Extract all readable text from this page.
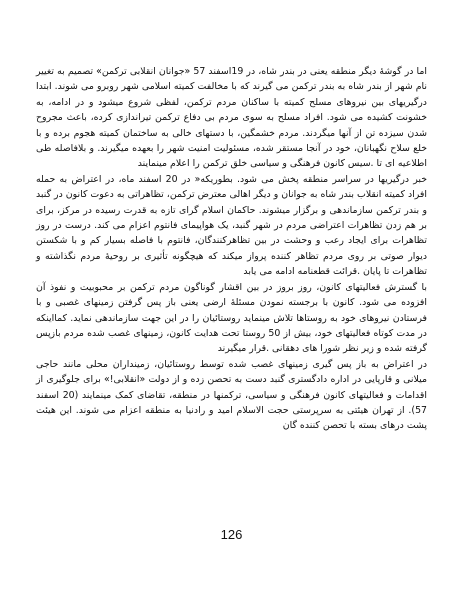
اما در گوشۀ دیگر منطقه یعنی در بندر شاه، در 19اسفند 57 «جوانان انقلابی ترکمن» تصمیم به تغییر نام شهر از بندر شاه به بندر ترکمن می گیرند که با مخالفت کمیته اسلامی شهر روبرو می شوند. ابتدا درگیریهای بین نیروهای مسلح کمیته با ساکنان مردم ترکمن، لفظی شروع میشود و در ادامه، به خشونت کشیده می شود. افراد مسلح به سوی مردم بی دفاع ترکمن تیراندازی کرده، باعث مجروح شدن سیزده تن از آنها میگردند. مردم خشمگین، با دستهای خالی به ساختمان کمیته هجوم برده و با خلع سلاح نگهبانان، خود در آنجا مستقر شده، مسئولیت امنیت شهر را بعهده میگیرند. و بلافاصله طی اطلاعیه ای تا .سیس کانون فرهنگی و سیاسی خلق ترکمن را اعلام مینمایند

خبر درگیریها در سراسر منطقه پخش می شود. بطوریکه« در 20 اسفند ماه، در اعتراض به حمله افراد کمیته انقلاب بندر شاه به جوانان و دیگر اهالی معترض ترکمن، تظاهراتی به دعوت کانون در گنبد و بندر ترکمن سازماندهی و برگزار میشوند. حاکمان اسلام گرای تازه به قدرت رسیده در مرکز، برای بر هم زدن تظاهرات اعتراضی مردم در شهر گنبد، یک هواپیمای فانتوم اعزام می کند. درست در روز تظاهرات برای ایجاد رعب و وحشت در بین تظاهرکنندگان، فانتوم با فاصله بسیار کم و با شکستن دیوار صوتی بر روی مردم تظاهر کننده پرواز میکند که هیچگونه تأثیری بر روحیۀ مردم نگذاشته و تظاهرات تا پایان .قرائت قطعنامه ادامه می یابد

با گسترش فعالیتهای کانون، روز بروز در بین اقشار گوناگون مردم ترکمن بر محبوبیت و نفوذ آن افزوده می شود. کانون با برجسته نمودن مسئلۀ ارضی یعنی باز پس گرفتن زمینهای غصبی و با فرستادن نیروهای خود به روستاها تلاش مینماید روستائیان را در این جهت سازماندهی نماید. کمااینکه در مدت کوتاه فعالیتهای خود، بیش از 50 روستا تحت هدایت کانون، زمینهای غصب شده مردم بازپس گرفته شده و زیر نظر شورا های دهقانی .قرار میگیرند

در اعتراض به باز پس گیری زمینهای غصب شده توسط روستائیان، زمینداران محلی مانند حاجی میلانی و قارپایی در اداره دادگستری گنبد دست به تحصن زده و از دولت «انقلابی!» برای جلوگیری از اقدامات و فعالیتهای کانون فرهنگی و سیاسی، ترکمنها در منطقه، تقاضای کمک مینمایند (20 اسفند 57). از تهران هیئتی به سرپرستی حجت الاسلام امید و رادنیا به منطقه اعزام می شوند. این هیئت پشت درهای بسته با تحصن کننده گان

126
